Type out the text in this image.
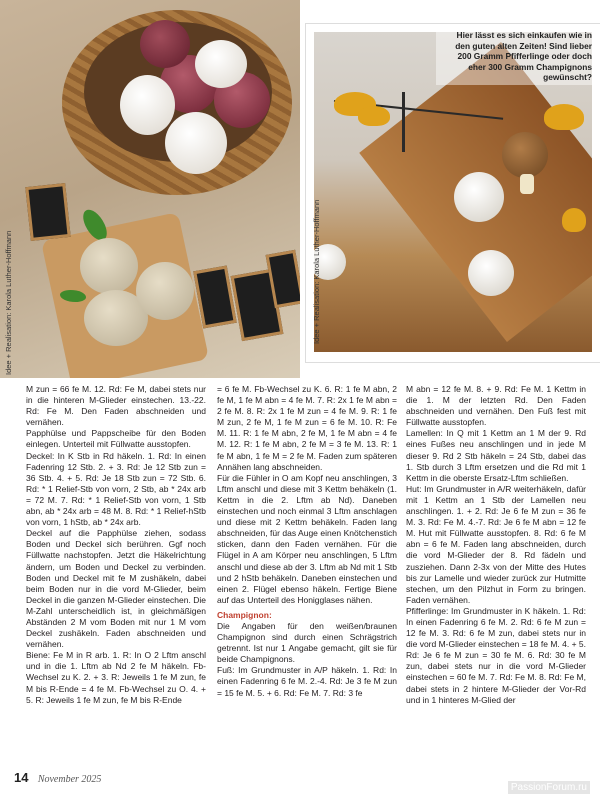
Idee + Realisation: Karola Luther-Hoffmann
Hier lässt es sich einkaufen wie in den guten alten Zeiten! Sind lieber 200 Gramm Pfifferlinge oder doch eher 300 Gramm Champignons gewünscht?
Idee + Realisation: Karola Luther-Hoffmann

M zun = 66 fe M. 12. Rd: Fe M, dabei stets nur in die hinteren M-Glieder einstechen. 13.-22. Rd: Fe M. Den Faden abschneiden und vernähen.

Papphülse und Pappscheibe für den Boden einlegen. Unterteil mit Füllwatte ausstopfen.

Deckel: In K Stb in Rd häkeln. 1. Rd: In einen Fadenring 12 Stb. 2. + 3. Rd: Je 12 Stb zun = 36 Stb. 4. + 5. Rd: Je 18 Stb zun = 72 Stb. 6. Rd: * 1 Relief-Stb von vorn, 2 Stb, ab * 24x arb = 72 M. 7. Rd: * 1 Relief-Stb von vorn, 1 Stb abn, ab * 24x arb = 48 M. 8. Rd: * 1 Relief-hStb von vorn, 1 hStb, ab * 24x arb.

Deckel auf die Papphülse ziehen, sodass Boden und Deckel sich berühren. Ggf noch Füllwatte nachstopfen. Jetzt die Häkelrichtung ändern, um Boden und Deckel zu verbinden. Boden und Deckel mit fe M zushäkeln, dabei beim Boden nur in die vord M-Glieder, beim Deckel in die ganzen M-Glieder einstechen. Die M-Zahl unterscheidlich ist, in gleichmäßigen Abständen 2 M vom Boden mit nur 1 M vom Deckel zushäkeln. Faden abschneiden und vernähen.

Biene: Fe M in R arb. 1. R: In O 2 Lftm anschl und in die 1. Lftm ab Nd 2 fe M häkeln. Fb-Wechsel zu K. 2. + 3. R: Jeweils 1 fe M zun, fe M bis R-Ende = 4 fe M. Fb-Wechsel zu O. 4. + 5. R: Jeweils 1 fe M zun, fe M bis R-Ende

= 6 fe M. Fb-Wechsel zu K. 6. R: 1 fe M abn, 2 fe M, 1 fe M abn = 4 fe M. 7. R: 2x 1 fe M abn = 2 fe M. 8. R: 2x 1 fe M zun = 4 fe M. 9. R: 1 fe M zun, 2 fe M, 1 fe M zun = 6 fe M. 10. R: Fe M. 11. R: 1 fe M abn, 2 fe M, 1 fe M abn = 4 fe M. 12. R: 1 fe M abn, 2 fe M = 3 fe M. 13. R: 1 fe M abn, 1 fe M = 2 fe M. Faden zum späteren Annähen lang abschneiden.

Für die Fühler in O am Kopf neu anschlingen, 3 Lftm anschl und diese mit 3 Kettm behäkeln (1. Kettm in die 2. Lftm ab Nd). Daneben einstechen und noch einmal 3 Lftm anschlagen und diese mit 2 Kettm behäkeln. Faden lang abschneiden, für das Auge einen Knötchenstich sticken, dann den Faden vernähen. Für die Flügel in A am Körper neu anschlingen, 5 Lftm anschl und diese ab der 3. Lftm ab Nd mit 1 Stb und 2 hStb behäkeln. Daneben einstechen und einen 2. Flügel ebenso häkeln. Fertige Biene auf das Unterteil des Honigglases nähen.

Champignon:

Die Angaben für den weißen/braunen Champignon sind durch einen Schrägstrich getrennt. Ist nur 1 Angabe gemacht, gilt sie für beide Champignons.

Fuß: Im Grundmuster in A/P häkeln. 1. Rd: In einen Fadenring 6 fe M. 2.-4. Rd: Je 3 fe M zun = 15 fe M. 5. + 6. Rd: Fe M. 7. Rd: 3 fe

M abn = 12 fe M. 8. + 9. Rd: Fe M. 1 Kettm in die 1. M der letzten Rd. Den Faden abschneiden und vernähen. Den Fuß fest mit Füllwatte ausstopfen.

Lamellen: In Q mit 1 Kettm an 1 M der 9. Rd eines Fußes neu anschlingen und in jede M dieser 9. Rd 2 Stb häkeln = 24 Stb, dabei das 1. Stb durch 3 Lftm ersetzen und die Rd mit 1 Kettm in die oberste Ersatz-Lftm schließen.

Hut: Im Grundmuster in A/R weiterhäkeln, dafür mit 1 Kettm an 1 Stb der Lamellen neu anschlingen. 1. + 2. Rd: Je 6 fe M zun = 36 fe M. 3. Rd: Fe M. 4.-7. Rd: Je 6 fe M abn = 12 fe M. Hut mit Füllwatte ausstopfen. 8. Rd: 6 fe M abn = 6 fe M. Faden lang abschneiden, durch die vord M-Glieder der 8. Rd fädeln und zusziehen. Dann 2-3x von der Mitte des Hutes bis zur Lamelle und wieder zurück zur Hutmitte stechen, um den Pilzhut in Form zu bringen. Faden vernähen.

Pfifferlinge: Im Grundmuster in K häkeln. 1. Rd: In einen Fadenring 6 fe M. 2. Rd: 6 fe M zun = 12 fe M. 3. Rd: 6 fe M zun, dabei stets nur in die vord M-Glieder einstechen = 18 fe M. 4. + 5. Rd: Je 6 fe M zun = 30 fe M. 6. Rd: 30 fe M zun, dabei stets nur in die vord M-Glieder einstechen = 60 fe M. 7. Rd: Fe M. 8. Rd: Fe M, dabei stets in 2 hintere M-Glieder der Vor-Rd und in 1 hinteres M-Glied der

14 November 2025
PassionForum.ru
